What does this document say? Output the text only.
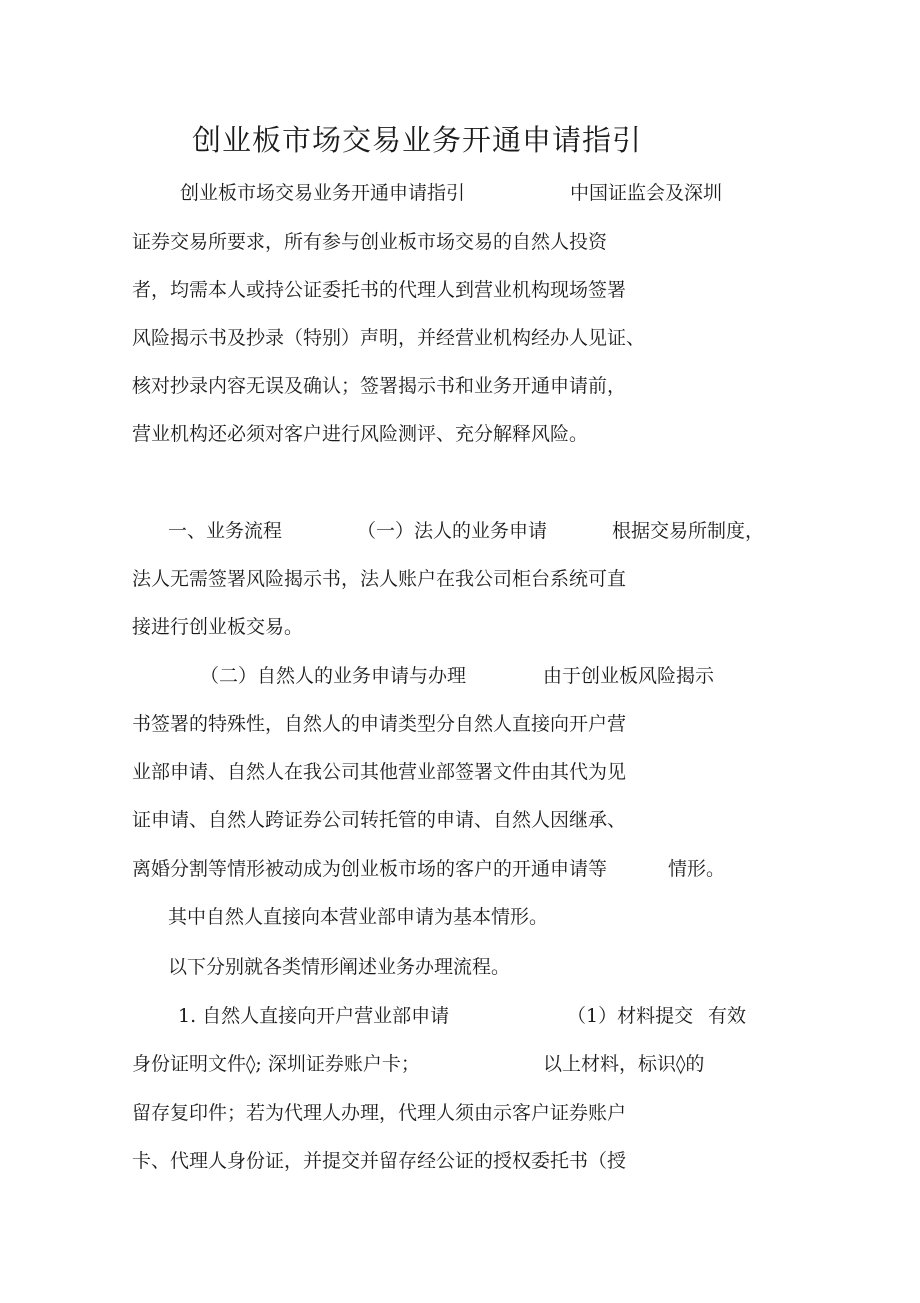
创业板市场交易业务开通申请指引
创业板市场交易业务开通申请指引	中国证监会及深圳
证券交易所要求，所有参与创业板市场交易的自然人投资
者，均需本人或持公证委托书的代理人到营业机构现场签署
风险揭示书及抄录（特别）声明，并经营业机构经办人见证、
核对抄录内容无误及确认；签署揭示书和业务开通申请前，
营业机构还必须对客户进行风险测评、充分解释风险。
一、业务流程	（一）法人的业务申请	根据交易所制度，
法人无需签署风险揭示书，法人账户在我公司柜台系统可直
接进行创业板交易。
（二）自然人的业务申请与办理	由于创业板风险揭示
书签署的特殊性，自然人的申请类型分自然人直接向开户营
业部申请、自然人在我公司其他营业部签署文件由其代为见
证申请、自然人跨证券公司转托管的申请、自然人因继承、
离婚分割等情形被动成为创业板市场的客户的开通申请等	情形。
其中自然人直接向本营业部申请为基本情形。
以下分别就各类情形阐述业务办理流程。
1. 自然人直接向开户营业部申请	（1）材料提交 有效
身份证明文件◊; 深圳证券账户卡；	以上材料，标识◊的
留存复印件；若为代理人办理，代理人须由示客户证券账户
卡、代理人身份证，并提交并留存经公证的授权委托书（授
